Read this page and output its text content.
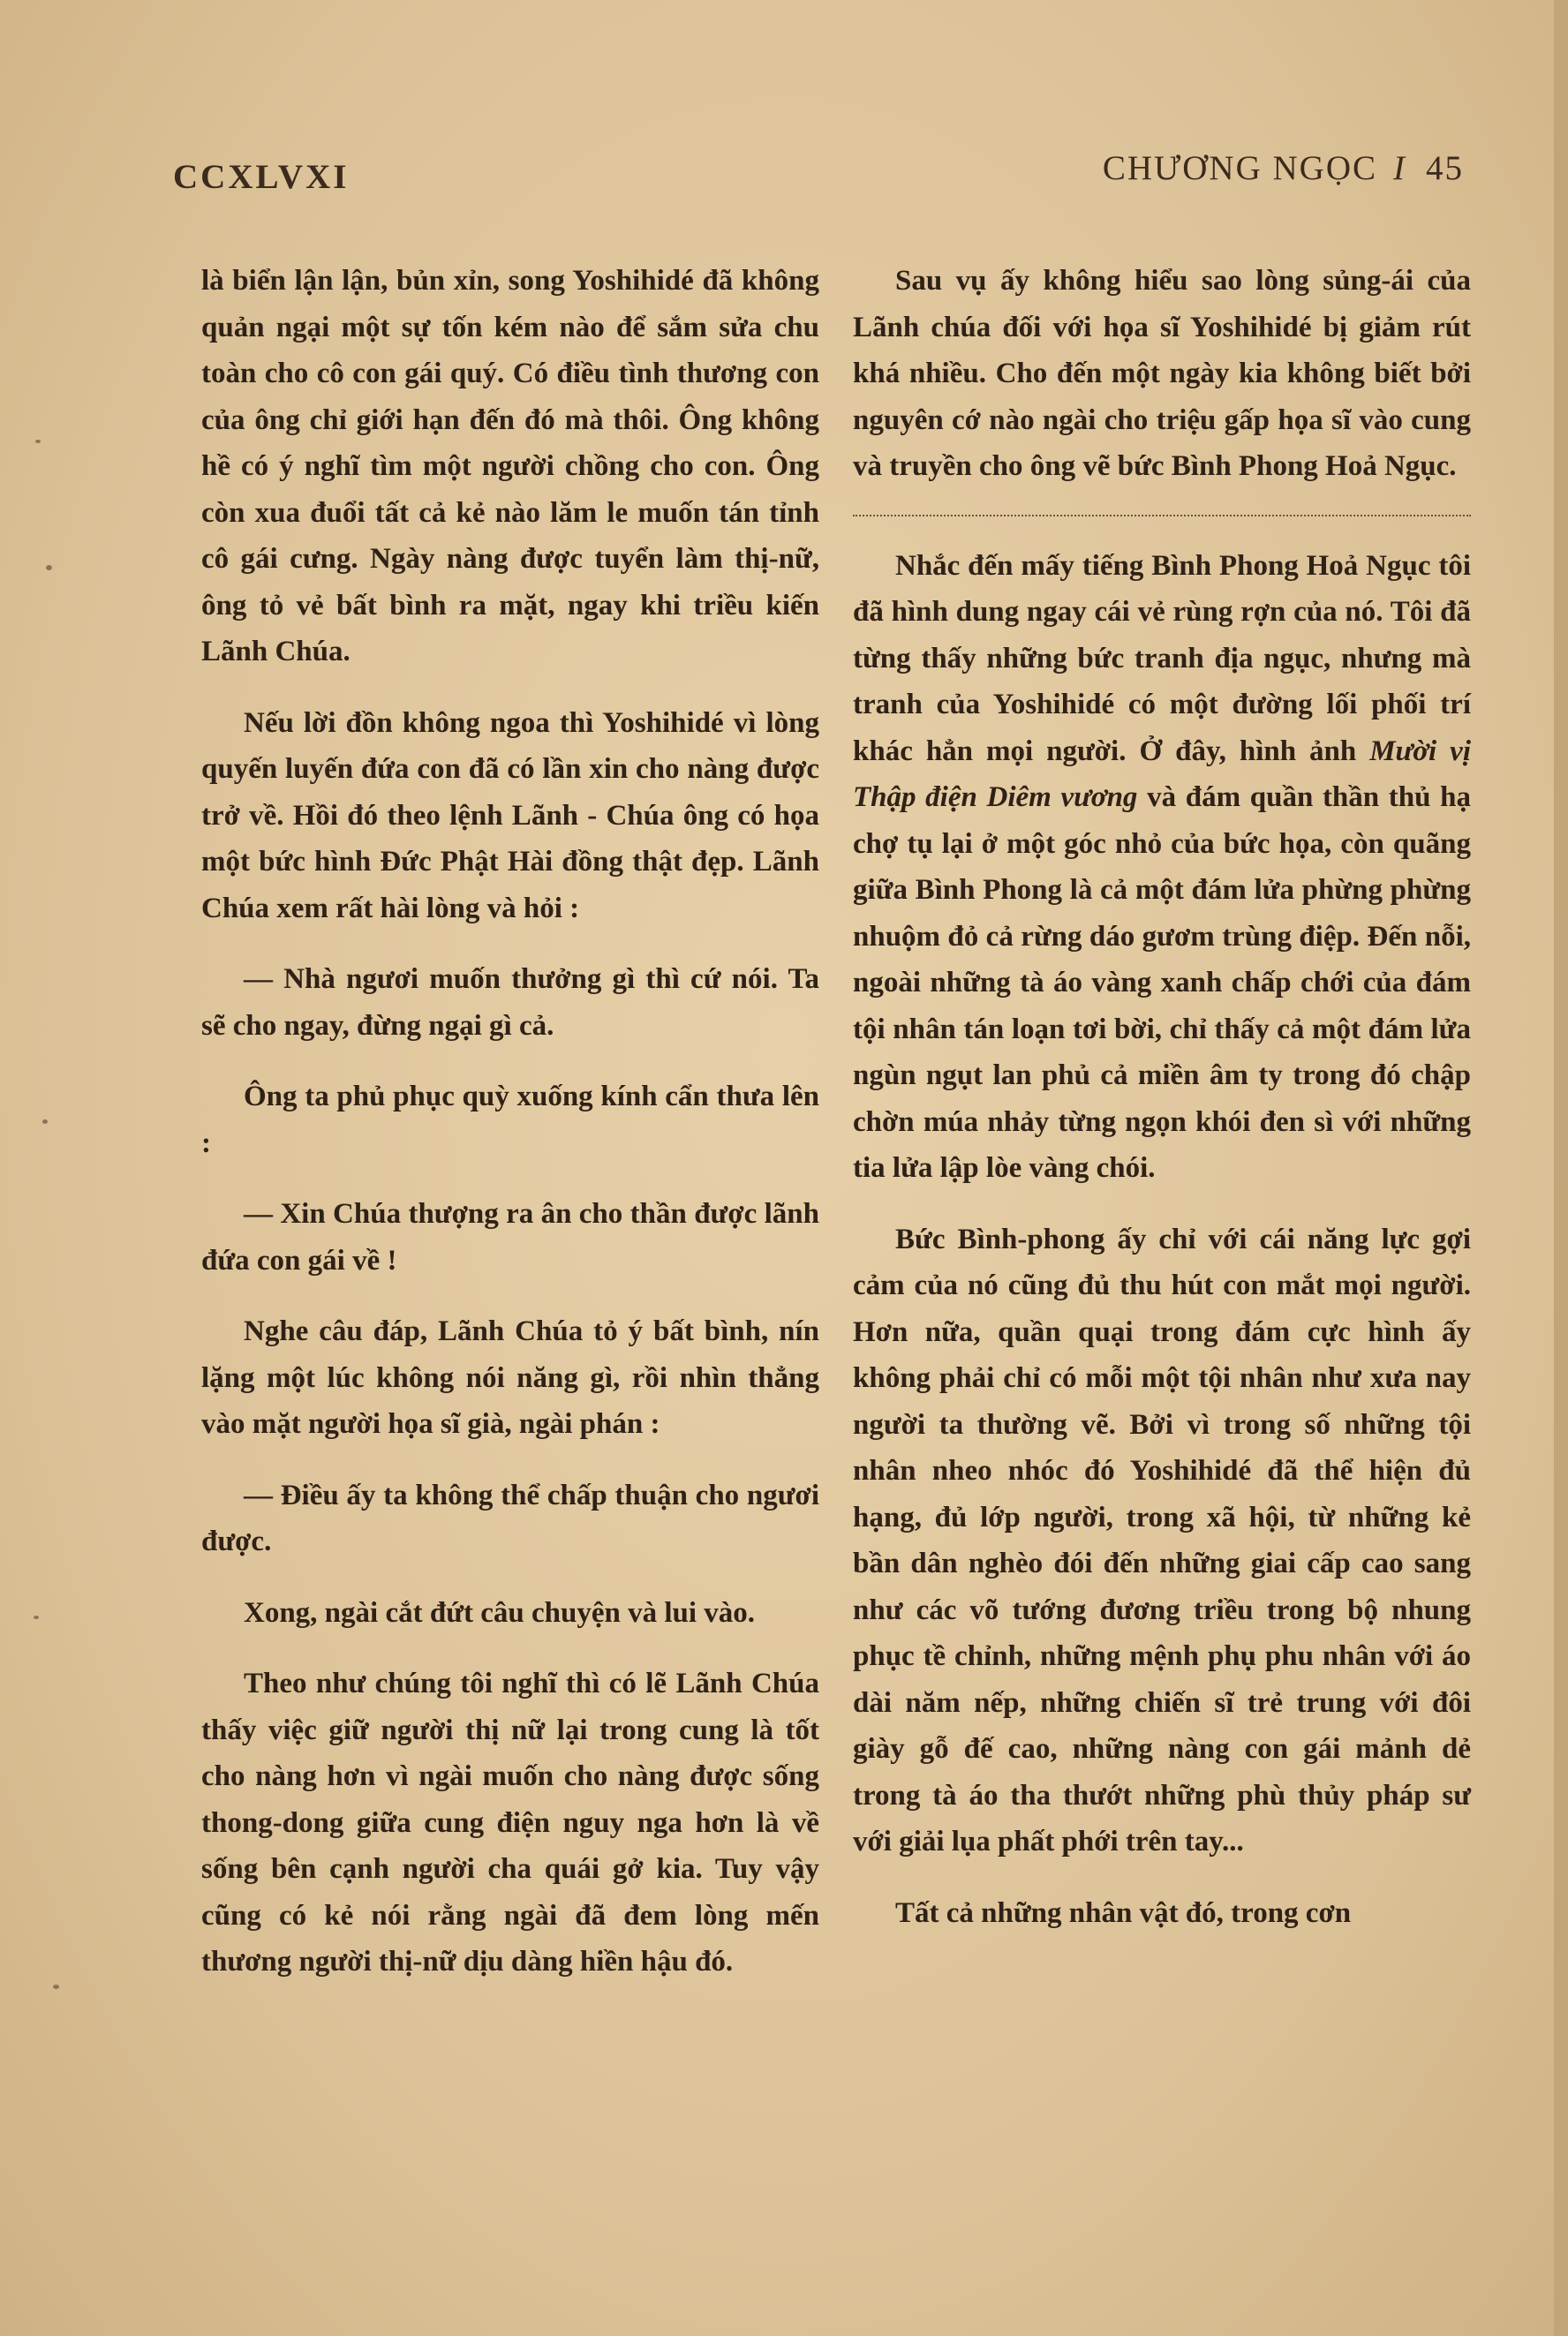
CCXLVXI	CHƯƠNG NGỌC I 45

là biển lận lận, bủn xỉn, song Yoshihidé đã không quản ngại một sự tốn kém nào để sắm sửa chu toàn cho cô con gái quý. Có điều tình thương con của ông chỉ giới hạn đến đó mà thôi. Ông không hề có ý nghĩ tìm một người chồng cho con. Ông còn xua đuổi tất cả kẻ nào lăm le muốn tán tỉnh cô gái cưng. Ngày nàng được tuyển làm thị-nữ, ông tỏ vẻ bất bình ra mặt, ngay khi triều kiến Lãnh Chúa.

Nếu lời đồn không ngoa thì Yoshihidé vì lòng quyến luyến đứa con đã có lần xin cho nàng được trở về. Hồi đó theo lệnh Lãnh - Chúa ông có họa một bức hình Đức Phật Hài đồng thật đẹp. Lãnh Chúa xem rất hài lòng và hỏi :

— Nhà ngươi muốn thưởng gì thì cứ nói. Ta sẽ cho ngay, đừng ngại gì cả.

Ông ta phủ phục quỳ xuống kính cẩn thưa lên :

— Xin Chúa thượng ra ân cho thần được lãnh đứa con gái về !

Nghe câu đáp, Lãnh Chúa tỏ ý bất bình, nín lặng một lúc không nói năng gì, rồi nhìn thẳng vào mặt người họa sĩ già, ngài phán :

— Điều ấy ta không thể chấp thuận cho ngươi được.

Xong, ngài cắt đứt câu chuyện và lui vào.

Theo như chúng tôi nghĩ thì có lẽ Lãnh Chúa thấy việc giữ người thị nữ lại trong cung là tốt cho nàng hơn vì ngài muốn cho nàng được sống thong-dong giữa cung điện nguy nga hơn là về sống bên cạnh người cha quái gở kia. Tuy vậy cũng có kẻ nói rằng ngài đã đem lòng mến thương người thị-nữ dịu dàng hiền hậu đó.

Sau vụ ấy không hiểu sao lòng sủng-ái của Lãnh chúa đối với họa sĩ Yoshihidé bị giảm rút khá nhiều. Cho đến một ngày kia không biết bởi nguyên cớ nào ngài cho triệu gấp họa sĩ vào cung và truyền cho ông vẽ bức Bình Phong Hoả Ngục.

Nhắc đến mấy tiếng Bình Phong Hoả Ngục tôi đã hình dung ngay cái vẻ rùng rợn của nó. Tôi đã từng thấy những bức tranh địa ngục, nhưng mà tranh của Yoshihidé có một đường lối phối trí khác hẳn mọi người. Ở đây, hình ảnh Mười vị Thập điện Diêm vương và đám quần thần thủ hạ chợ tụ lại ở một góc nhỏ của bức họa, còn quãng giữa Bình Phong là cả một đám lửa phừng phừng nhuộm đỏ cả rừng dáo gươm trùng điệp. Đến nỗi, ngoài những tà áo vàng xanh chấp chới của đám tội nhân tán loạn tơi bời, chỉ thấy cả một đám lửa ngùn ngụt lan phủ cả miền âm ty trong đó chập chờn múa nhảy từng ngọn khói đen sì với những tia lửa lập lòe vàng chói.

Bức Bình-phong ấy chỉ với cái năng lực gợi cảm của nó cũng đủ thu hút con mắt mọi người. Hơn nữa, quần quại trong đám cực hình ấy không phải chỉ có mỗi một tội nhân như xưa nay người ta thường vẽ. Bởi vì trong số những tội nhân nheo nhóc đó Yoshihidé đã thể hiện đủ hạng, đủ lớp người, trong xã hội, từ những kẻ bần dân nghèo đói đến những giai cấp cao sang như các võ tướng đương triều trong bộ nhung phục tề chỉnh, những mệnh phụ phu nhân với áo dài năm nếp, những chiến sĩ trẻ trung với đôi giày gỗ đế cao, những nàng con gái mảnh dẻ trong tà áo tha thướt những phù thủy pháp sư với giải lụa phất phới trên tay...

Tất cả những nhân vật đó, trong cơn
